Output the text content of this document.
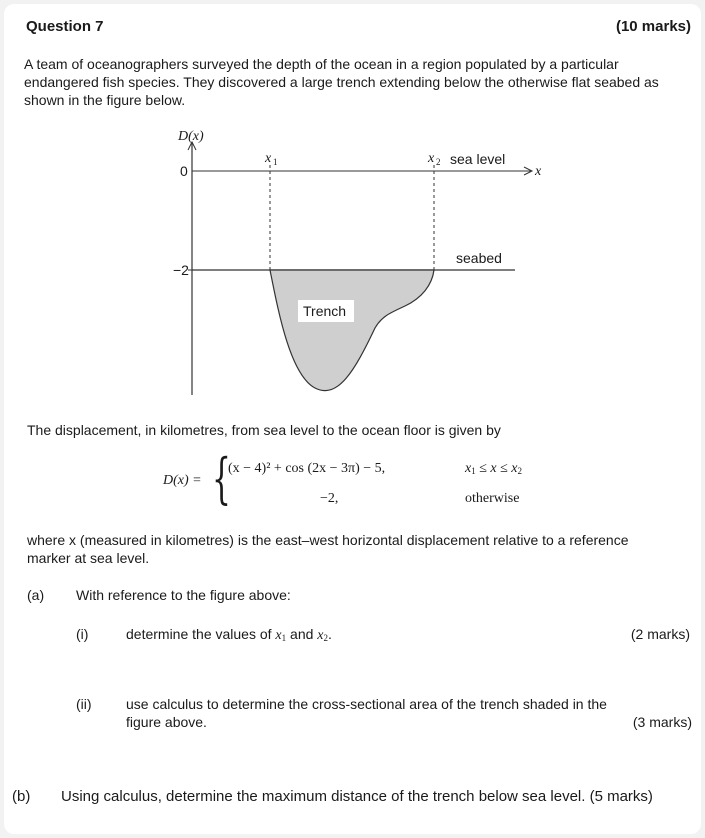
Question 7	(10 marks)
A team of oceanographers surveyed the depth of the ocean in a region populated by a particular endangered fish species. They discovered a large trench extending below the otherwise flat seabed as shown in the figure below.
D(x)
0
−2
x 1	x 2 sea level
x
seabed
Trench
The displacement, in kilometres, from sea level to the ocean floor is given by
D(x) = {
(x − 4)² + cos (2x − 3π) − 5,	$x_1 \le x \le x_2$
−2,	otherwise
where x (measured in kilometres) is the east–west horizontal displacement relative to a reference marker at sea level.
(a) With reference to the figure above:
(i)	determine the values of $x_1$ and $x_2$.	(2 marks)
(ii) use calculus to determine the cross-sectional area of the trench shaded in the
figure above.	(3 marks)
(b) Using calculus, determine the maximum distance of the trench below sea level. (5 marks)
